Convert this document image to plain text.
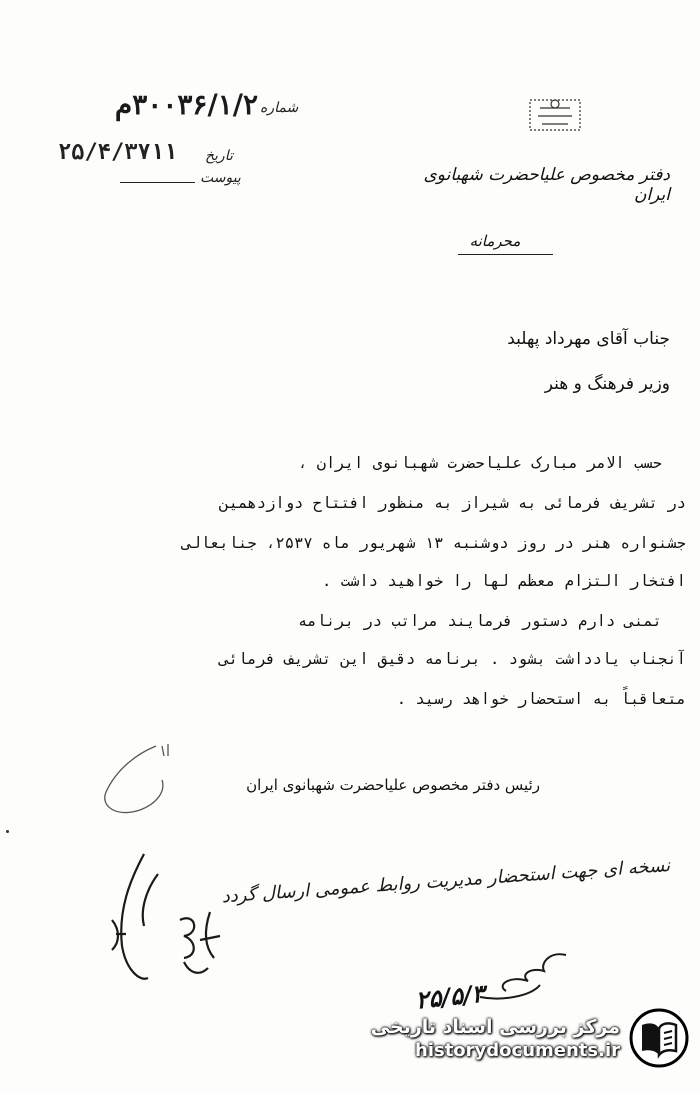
شماره
۳۰۰۳۶/۱/۲م
تاریخ
۲۵/۴/۳۷۱۱
پیوست	دفتر مخصوص علیاحضرت شهبانوی ایران
محرمانه
جناب آقای مهرداد پهلبد
وزیر فرهنگ و هنر
حسب الامر مبارک علیاحضرت شهبانوی ایران ،
در تشریف فرمائی به شیراز به منظور افتتاح دوازدهمین
جشنواره هنر در روز دوشنبه ۱۳ شهریور ماه ۲۵۳۷، جنابعالی
افتخار التزام معظم لها را خواهید داشت .
تمنی دارم دستور فرمایند مراتب در برنامه
آنجناب یادداشت بشود . برنامه دقیق این تشریف فرمائی
متعاقباً به استحضار خواهد رسید .
رئیس دفتر مخصوص علیاحضرت شهبانوی ایران
نسخه ای جهت استحضار مدیریت روابط عمومی ارسال گردد
۲۵/۵/۳
مرکز بررسی اسناد تاریخی
historydocuments.ir
